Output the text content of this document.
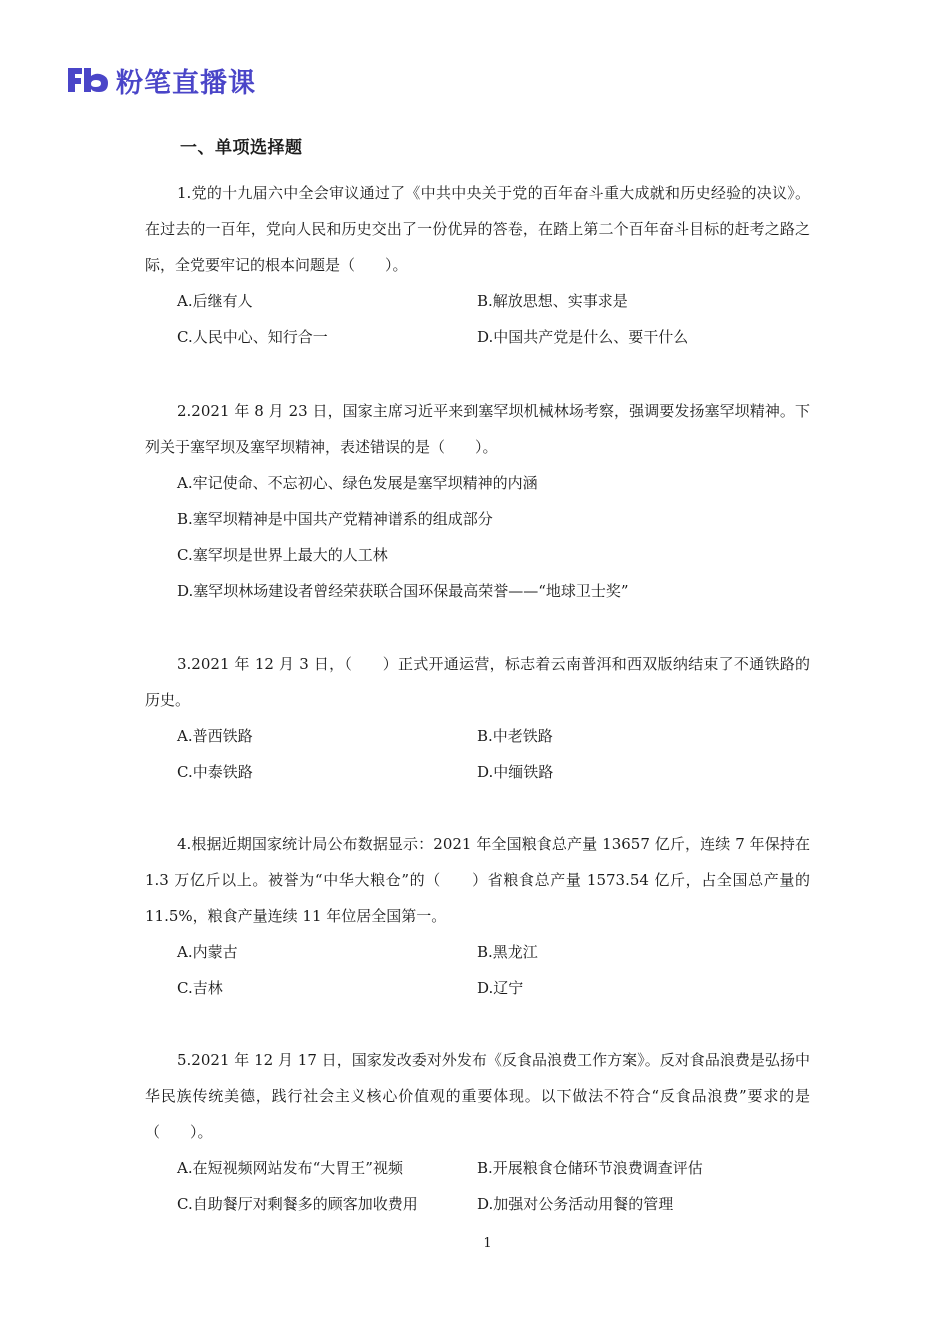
粉笔直播课
一、单项选择题

1.党的十九届六中全会审议通过了《中共中央关于党的百年奋斗重大成就和历史经验的决议》。在过去的一百年，党向人民和历史交出了一份优异的答卷，在踏上第二个百年奋斗目标的赶考之路之际，全党要牢记的根本问题是（　　）。

A.后继有人	B.解放思想、实事求是
C.人民中心、知行合一	D.中国共产党是什么、要干什么

2.2021 年 8 月 23 日，国家主席习近平来到塞罕坝机械林场考察，强调要发扬塞罕坝精神。下列关于塞罕坝及塞罕坝精神，表述错误的是（　　）。

A.牢记使命、不忘初心、绿色发展是塞罕坝精神的内涵
B.塞罕坝精神是中国共产党精神谱系的组成部分
C.塞罕坝是世界上最大的人工林
D.塞罕坝林场建设者曾经荣获联合国环保最高荣誉——“地球卫士奖”

3.2021 年 12 月 3 日，（　　）正式开通运营，标志着云南普洱和西双版纳结束了不通铁路的历史。

A.普西铁路	B.中老铁路
C.中泰铁路	D.中缅铁路

4.根据近期国家统计局公布数据显示：2021 年全国粮食总产量 13657 亿斤，连续 7 年保持在 1.3 万亿斤以上。被誉为“中华大粮仓”的（　　）省粮食总产量 1573.54 亿斤，占全国总产量的 11.5%，粮食产量连续 11 年位居全国第一。

A.内蒙古	B.黑龙江
C.吉林	D.辽宁

5.2021 年 12 月 17 日，国家发改委对外发布《反食品浪费工作方案》。反对食品浪费是弘扬中华民族传统美德，践行社会主义核心价值观的重要体现。以下做法不符合“反食品浪费”要求的是（　　）。

A.在短视频网站发布“大胃王”视频	B.开展粮食仓储环节浪费调查评估
C.自助餐厅对剩餐多的顾客加收费用	D.加强对公务活动用餐的管理
1
